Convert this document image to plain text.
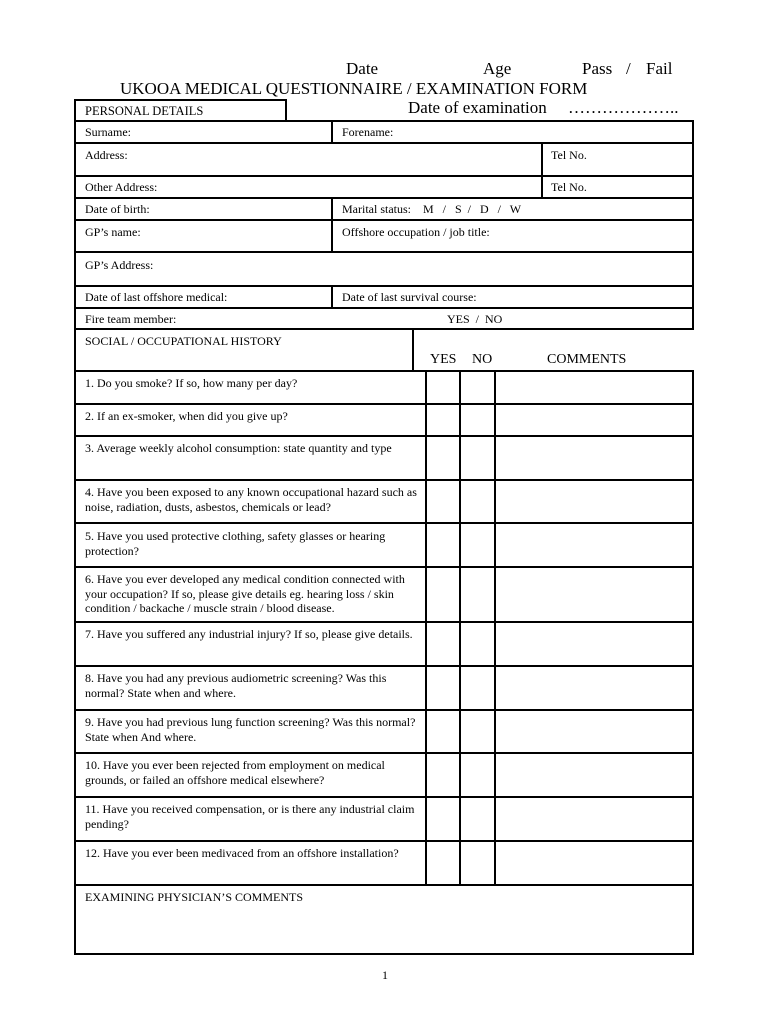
Date	Age	Pass / Fail
UKOOA MEDICAL QUESTIONNAIRE / EXAMINATION FORM
PERSONAL DETAILS	Date of examination ………………..
Surname:	Forename:
Address:	Tel No.
Other Address:	Tel No.
Date of birth:	Marital status:    M   /   S  /   D   /   W
GP’s name:	Offshore occupation / job title:
GP’s Address:
Date of last offshore medical:	Date of last survival course:
Fire team member:	YES  /  NO
SOCIAL / OCCUPATIONAL HISTORY
YES NO	COMMENTS
1. Do you smoke? If so, how many per day?
2. If an ex-smoker, when did you give up?
3. Average weekly alcohol consumption: state quantity and type
4. Have you been exposed to any known occupational hazard such as noise, radiation, dusts, asbestos, chemicals or lead?
5. Have you used protective clothing, safety glasses or hearing protection?
6. Have you ever developed any medical condition connected with your occupation? If so, please give details eg. hearing loss / skin condition / backache / muscle strain / blood disease.
7. Have you suffered any industrial injury? If so, please give details.
8. Have you had any previous audiometric screening? Was this normal? State when and where.
9. Have you had previous lung function screening? Was this normal? State when And where.
10. Have you ever been rejected from employment on medical grounds, or failed an offshore medical elsewhere?
11. Have you received compensation, or is there any industrial claim pending?
12. Have you ever been medivaced from an offshore installation?
EXAMINING PHYSICIAN’S COMMENTS
1
